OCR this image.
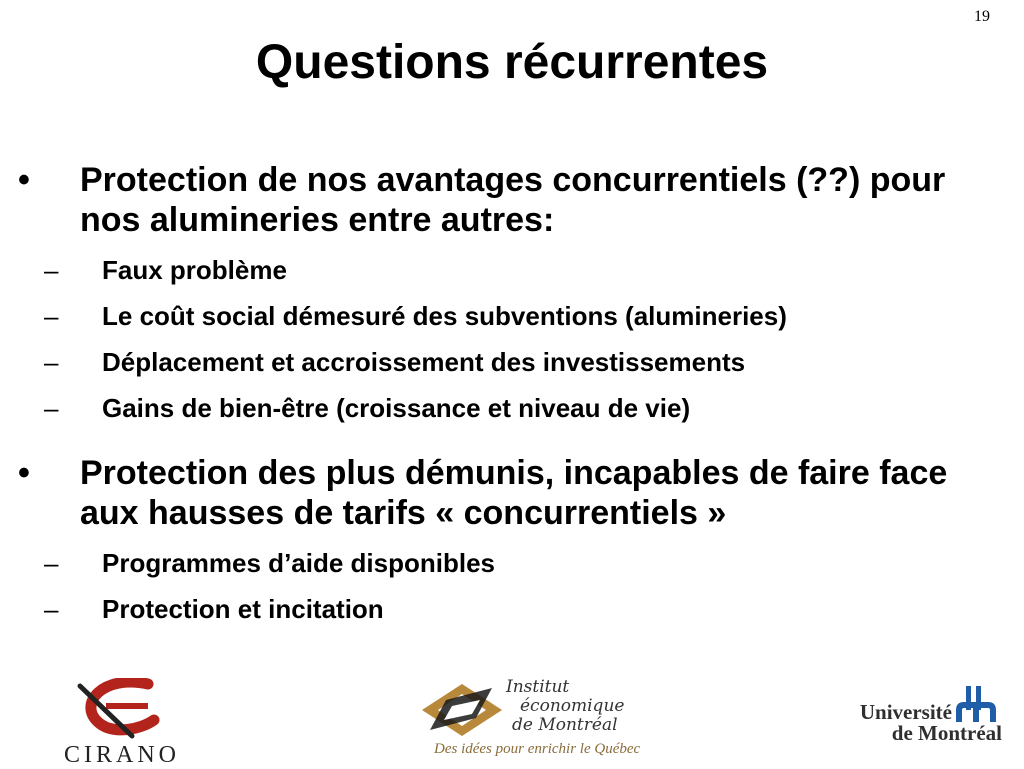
19
Questions récurrentes
• Protection de nos avantages concurrentiels (??) pour nos alumineries entre autres:
– Faux problème
– Le coût social démesuré des subventions (alumineries)
– Déplacement et accroissement des investissements
– Gains de bien-être (croissance et niveau de vie)
• Protection des plus démunis, incapables de faire face aux hausses de tarifs « concurrentiels »
– Programmes d’aide disponibles
– Protection et incitation
CIRANO
Institut
économique
de Montréal
Des idées pour enrichir le Québec
Université
de Montréal
